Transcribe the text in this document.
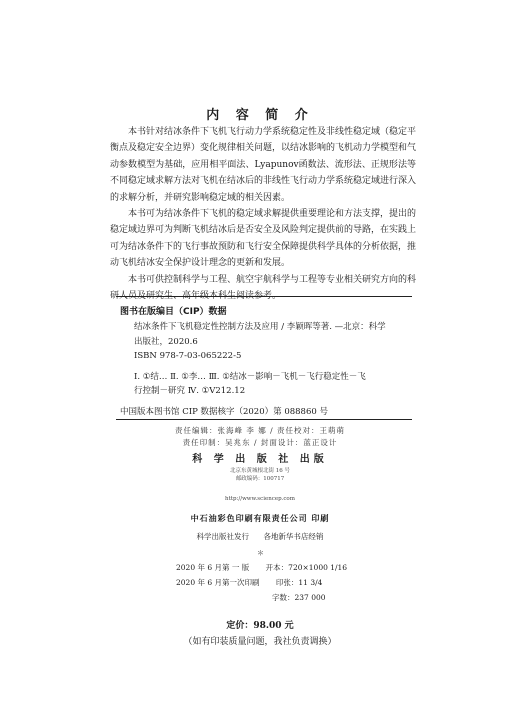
内 容 简 介

本书针对结冰条件下飞机飞行动力学系统稳定性及非线性稳定域（稳定平衡点及稳定安全边界）变化规律相关问题，以结冰影响的飞机动力学模型和气动参数模型为基础，应用相平面法、Lyapunov函数法、流形法、正规形法等不同稳定域求解方法对飞机在结冰后的非线性飞行动力学系统稳定域进行深入的求解分析，并研究影响稳定域的相关因素。

本书可为结冰条件下飞机的稳定域求解提供重要理论和方法支撑，提出的稳定域边界可为判断飞机结冰后是否安全及风险判定提供前的导路，在实践上可为结冰条件下的飞行事故预防和飞行安全保障提供科学具体的分析依据，推动飞机结冰安全保护设计理念的更新和发展。

本书可供控制科学与工程、航空宇航科学与工程等专业相关研究方向的科研人员及研究生、高年级本科生阅读参考。

图书在版编目（CIP）数据
结冰条件下飞机稳定性控制方法及应用 / 李颖晖等著. —北京：科学
出版社，2020.6
ISBN 978-7-03-065222-5
Ⅰ. ①结… Ⅱ. ①李… Ⅲ. ①结冰－影响－飞机－飞行稳定性－飞
行控制－研究 Ⅳ. ①V212.12
中国版本图书馆 CIP 数据核字（2020）第 088860 号
责任编辑：张海峰 李 娜 / 责任校对：王萌萌
责任印制：吴兆东 / 封面设计：蓝正设计
科 学 出 版 社 出版
北京东黄城根北街 16 号
邮政编码：100717
http://www.sciencep.com
中石油彩色印刷有限责任公司 印刷
科学出版社发行 各地新华书店经销
＊
2020 年 6 月第 一 版 开本：720×1000 1/16
2020 年 6 月第一次印刷 印张：11 3/4
字数：237 000
定价：98.00 元
（如有印装质量问题，我社负责调换）
